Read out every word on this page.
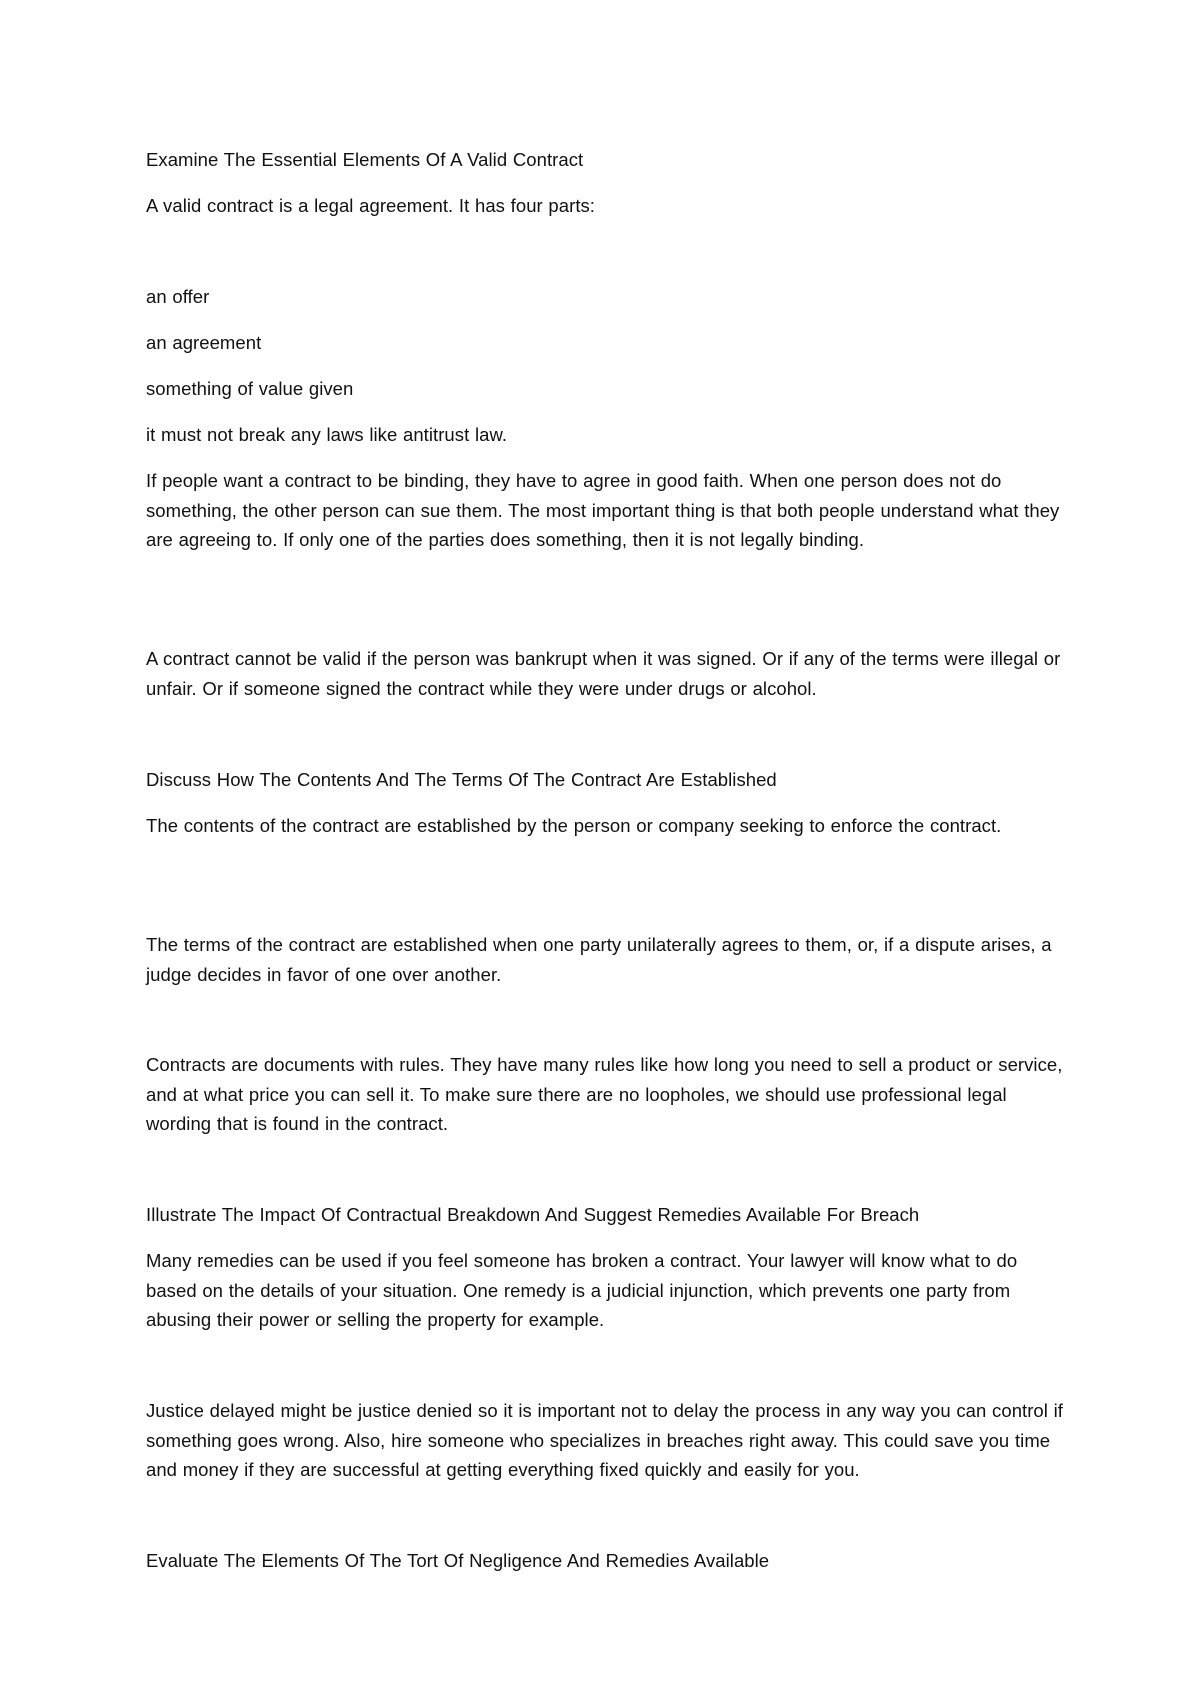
Examine The Essential Elements Of A Valid Contract
A valid contract is a legal agreement. It has four parts:
an offer
an agreement
something of value given
it must not break any laws like antitrust law.
If people want a contract to be binding, they have to agree in good faith. When one person does not do something, the other person can sue them. The most important thing is that both people understand what they are agreeing to. If only one of the parties does something, then it is not legally binding.
A contract cannot be valid if the person was bankrupt when it was signed. Or if any of the terms were illegal or unfair. Or if someone signed the contract while they were under drugs or alcohol.
Discuss How The Contents And The Terms Of The Contract Are Established
The contents of the contract are established by the person or company seeking to enforce the contract.
The terms of the contract are established when one party unilaterally agrees to them, or, if a dispute arises, a judge decides in favor of one over another.
Contracts are documents with rules. They have many rules like how long you need to sell a product or service, and at what price you can sell it. To make sure there are no loopholes, we should use professional legal wording that is found in the contract.
Illustrate The Impact Of Contractual Breakdown And Suggest Remedies Available For Breach
Many remedies can be used if you feel someone has broken a contract. Your lawyer will know what to do based on the details of your situation. One remedy is a judicial injunction, which prevents one party from abusing their power or selling the property for example.
Justice delayed might be justice denied so it is important not to delay the process in any way you can control if something goes wrong. Also, hire someone who specializes in breaches right away. This could save you time and money if they are successful at getting everything fixed quickly and easily for you.
Evaluate The Elements Of The Tort Of Negligence And Remedies Available
